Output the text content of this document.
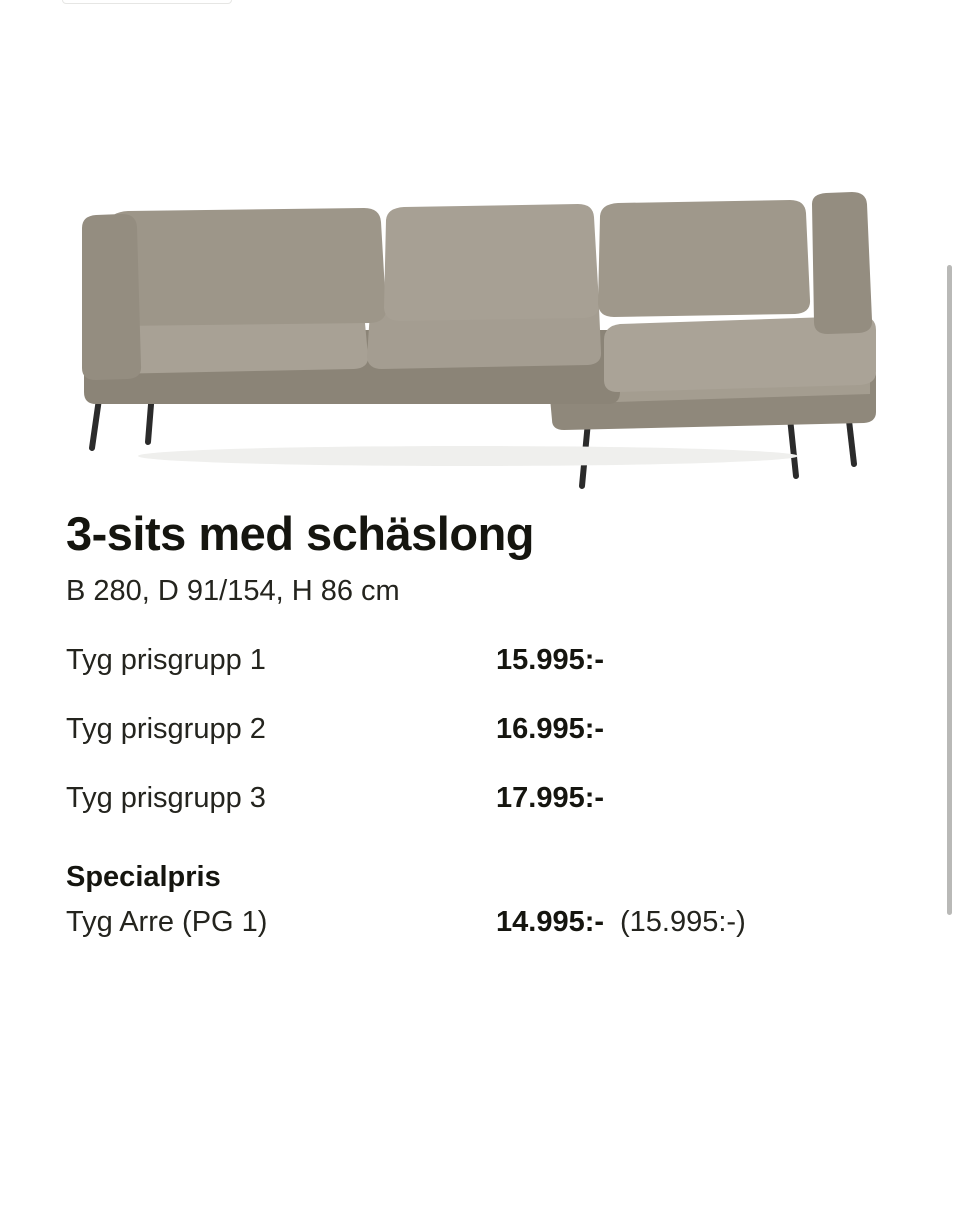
3-sits med schäslong
B 280, D 91/154, H 86 cm
Tyg prisgrupp 1	15.995:-
Tyg prisgrupp 2	16.995:-
Tyg prisgrupp 3	17.995:-
Specialpris
Tyg Arre (PG 1)	14.995:- (15.995:-)
